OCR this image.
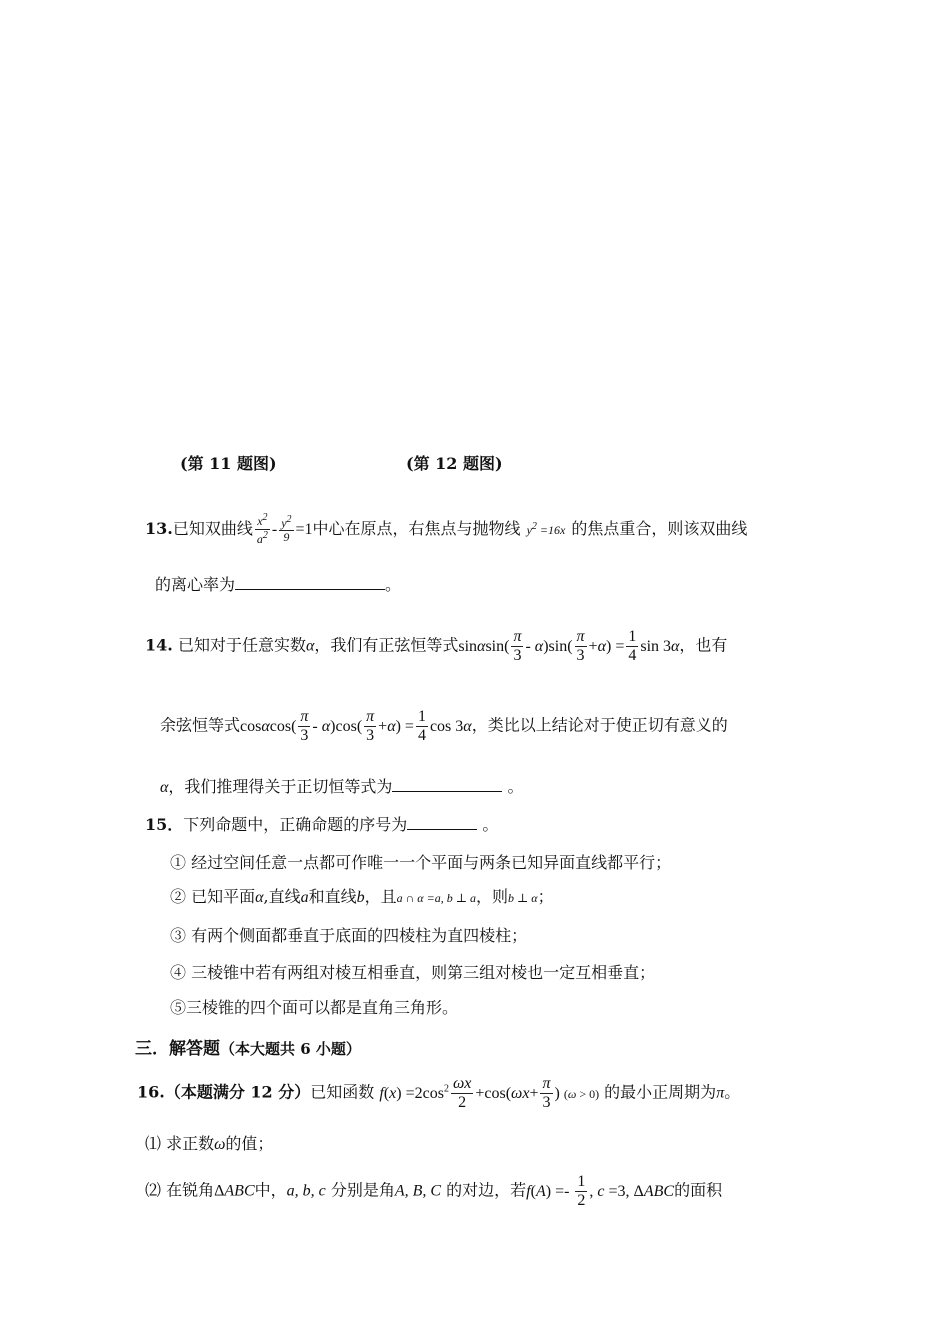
(第 11 题图)	(第 12 题图)
13.已知双曲线 $\frac{x^2}{a^2} - \frac{y^2}{9} =1$中心在原点，右焦点与抛物线 $y^2 =16x$ 的焦点重合，则该双曲线
的离心率为	。
14. 已知对于任意实数α，我们有正弦恒等式$\sin\alpha\sin( \frac{\pi}{3} - \alpha)\sin( \frac{\pi}{3} +\alpha) = \frac{1}{4}$ sin 3α，也有
余弦恒等式$\cos\alpha\cos( \frac{\pi}{3} - \alpha)\cos( \frac{\pi}{3} +\alpha) = \frac{1}{4}$ cos 3α，类比以上结论对于使正切有意义的
α，我们推理得关于正切恒等式为	。
15．下列命题中，正确命题的序号为	。
① 经过空间任意一点都可作唯一一个平面与两条已知异面直线都平行；
② 已知平面α,直线a和直线b，且a ∩ α =a, b ⊥ a，则b ⊥ α；
③ 有两个侧面都垂直于底面的四棱柱为直四棱柱；
④ 三棱锥中若有两组对棱互相垂直，则第三组对棱也一定互相垂直；
⑤三棱锥的四个面可以都是直角三角形。
三．解答题（本大题共 6 小题）
16.（本题满分 12 分）已知函数 $f(x) =2\cos^2 \frac{\omega x}{2} +\cos(\omega x+ \frac{\pi}{3}$ ) (ω > 0) 的最小正周期为π。
⑴ 求正数ω的值；
⑵ 在锐角ΔABC中，a, b, c 分别是角A, B, C 的对边，若$f(A) =- \frac{1}{2}$ , c =3, ΔABC的面积
